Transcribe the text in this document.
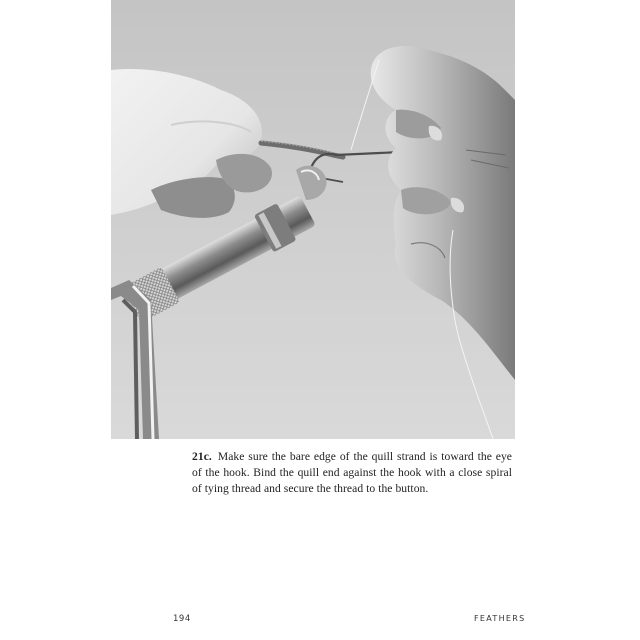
21c. Make sure the bare edge of the quill strand is toward the eye of the hook. Bind the quill end against the hook with a close spiral of tying thread and secure the thread to the button.
194	FEATHERS
